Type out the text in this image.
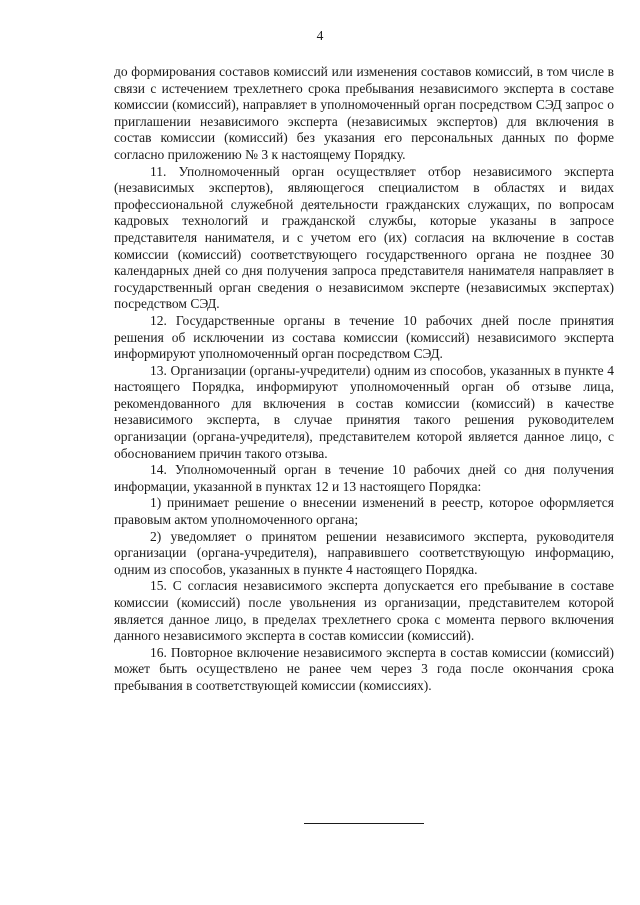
4

до формирования составов комиссий или изменения составов комиссий, в том числе в связи с истечением трехлетнего срока пребывания независимого эксперта в составе комиссии (комиссий), направляет в уполномоченный орган посредством СЭД запрос о приглашении независимого эксперта (независимых экспертов) для включения в состав комиссии (комиссий) без указания его персональных данных по форме согласно приложению № 3 к настоящему Порядку.

11. Уполномоченный орган осуществляет отбор независимого эксперта (независимых экспертов), являющегося специалистом в областях и видах профессиональной служебной деятельности гражданских служащих, по вопросам кадровых технологий и гражданской службы, которые указаны в запросе представителя нанимателя, и с учетом его (их) согласия на включение в состав комиссии (комиссий) соответствующего государственного органа не позднее 30 календарных дней со дня получения запроса представителя нанимателя направляет в государственный орган сведения о независимом эксперте (независимых экспертах) посредством СЭД.

12. Государственные органы в течение 10 рабочих дней после принятия решения об исключении из состава комиссии (комиссий) независимого эксперта информируют уполномоченный орган посредством СЭД.

13. Организации (органы-учредители) одним из способов, указанных в пункте 4 настоящего Порядка, информируют уполномоченный орган об отзыве лица, рекомендованного для включения в состав комиссии (комиссий) в качестве независимого эксперта, в случае принятия такого решения руководителем организации (органа-учредителя), представителем которой является данное лицо, с обоснованием причин такого отзыва.

14. Уполномоченный орган в течение 10 рабочих дней со дня получения информации, указанной в пунктах 12 и 13 настоящего Порядка:

1) принимает решение о внесении изменений в реестр, которое оформляется правовым актом уполномоченного органа;

2) уведомляет о принятом решении независимого эксперта, руководителя организации (органа-учредителя), направившего соответствующую информацию, одним из способов, указанных в пункте 4 настоящего Порядка.

15. С согласия независимого эксперта допускается его пребывание в составе комиссии (комиссий) после увольнения из организации, представителем которой является данное лицо, в пределах трехлетнего срока с момента первого включения данного независимого эксперта в состав комиссии (комиссий).

16. Повторное включение независимого эксперта в состав комиссии (комиссий) может быть осуществлено не ранее чем через 3 года после окончания срока пребывания в соответствующей комиссии (комиссиях).
